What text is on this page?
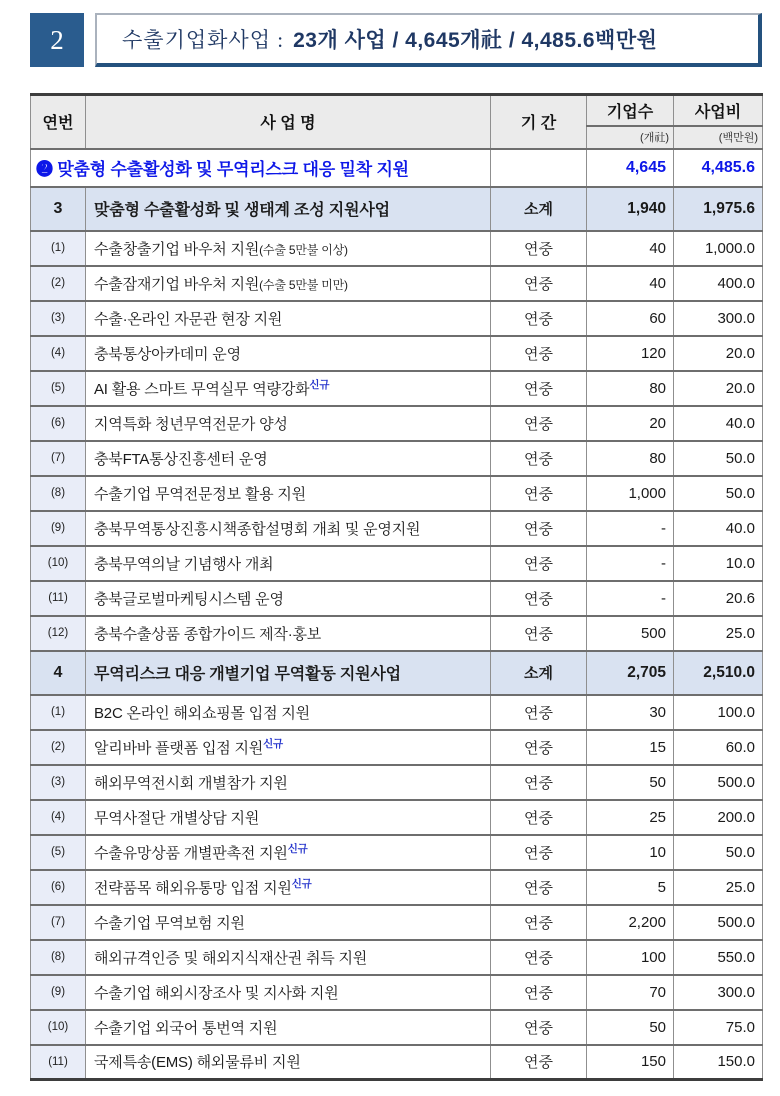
2	수출기업화사업 : 23개 사업 / 4,645개社 / 4,485.6백만원
연번	사 업 명	기 간	기업수	사업비
			(개社)	(백만원)
❷ 맞춤형 수출활성화 및 무역리스크 대응 밀착 지원			4,645	4,485.6
3	맞춤형 수출활성화 및 생태계 조성 지원사업	소계	1,940	1,975.6
(1)	수출창출기업 바우처 지원(수출 5만불 이상)	연중	40	1,000.0
(2)	수출잠재기업 바우처 지원(수출 5만불 미만)	연중	40	400.0
(3)	수출·온라인 자문관 현장 지원	연중	60	300.0
(4)	충북통상아카데미 운영	연중	120	20.0
(5)	AI 활용 스마트 무역실무 역량강화$^{신규}$	연중	80	20.0
(6)	지역특화 청년무역전문가 양성	연중	20	40.0
(7)	충북FTA통상진흥센터 운영	연중	80	50.0
(8)	수출기업 무역전문정보 활용 지원	연중	1,000	50.0
(9)	충북무역통상진흥시책종합설명회 개최 및 운영지원	연중	-	40.0
(10)	충북무역의날 기념행사 개최	연중	-	10.0
(11)	충북글로벌마케팅시스템 운영	연중	-	20.6
(12)	충북수출상품 종합가이드 제작·홍보	연중	500	25.0
4	무역리스크 대응 개별기업 무역활동 지원사업	소계	2,705	2,510.0
(1)	B2C 온라인 해외쇼핑몰 입점 지원	연중	30	100.0
(2)	알리바바 플랫폼 입점 지원$^{신규}$	연중	15	60.0
(3)	해외무역전시회 개별참가 지원	연중	50	500.0
(4)	무역사절단 개별상담 지원	연중	25	200.0
(5)	수출유망상품 개별판촉전 지원$^{신규}$	연중	10	50.0
(6)	전략품목 해외유통망 입점 지원$^{신규}$	연중	5	25.0
(7)	수출기업 무역보험 지원	연중	2,200	500.0
(8)	해외규격인증 및 해외지식재산권 취득 지원	연중	100	550.0
(9)	수출기업 해외시장조사 및 지사화 지원	연중	70	300.0
(10)	수출기업 외국어 통번역 지원	연중	50	75.0
(11)	국제특송(EMS) 해외물류비 지원	연중	150	150.0
